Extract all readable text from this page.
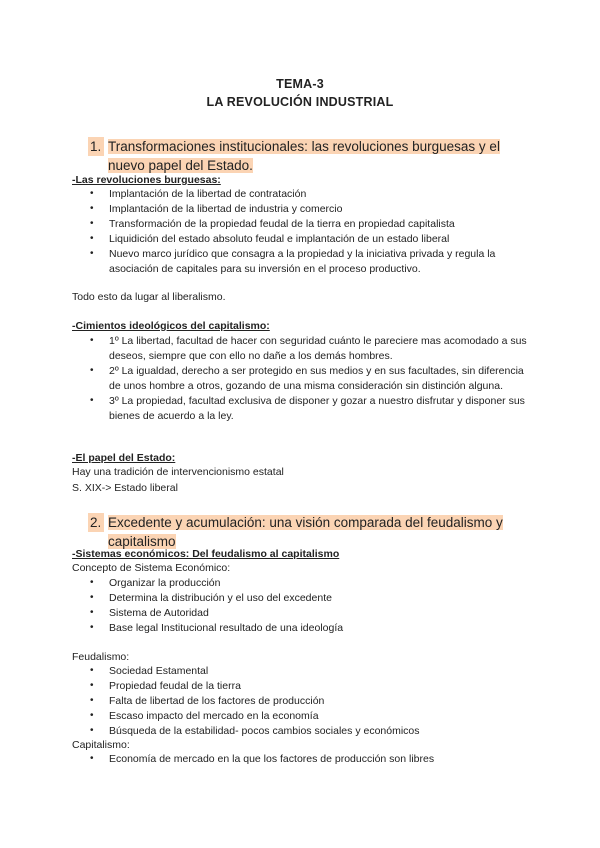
TEMA-3
LA REVOLUCIÓN INDUSTRIAL
1. Transformaciones institucionales: las revoluciones burguesas y el
nuevo papel del Estado.
-Las revoluciones burguesas:
• Implantación de la libertad de contratación
• Implantación de la libertad de industria y comercio
• Transformación de la propiedad feudal de la tierra en propiedad capitalista
• Liquidición del estado absoluto feudal e implantación de un estado liberal
• Nuevo marco jurídico que consagra a la propiedad y la iniciativa privada y regula la asociación de capitales para su inversión en el proceso productivo.
Todo esto da lugar al liberalismo.
-Cimientos ideológicos del capitalismo:
• 1º La libertad, facultad de hacer con seguridad cuánto le pareciere mas acomodado a sus deseos, siempre que con ello no dañe a los demás hombres.
• 2º La igualdad, derecho a ser protegido en sus medios y en sus facultades, sin diferencia de unos hombre a otros, gozando de una misma consideración sin distinción alguna.
• 3º La propiedad, facultad exclusiva de disponer y gozar a nuestro disfrutar y disponer sus bienes de acuerdo a la ley.
-El papel del Estado:
Hay una tradición de intervencionismo estatal
S. XIX-> Estado liberal
2. Excedente y acumulación: una visión comparada del feudalismo y
capitalismo
-Sistemas económicos: Del feudalismo al capitalismo
Concepto de Sistema Económico:
• Organizar la producción
• Determina la distribución y el uso del excedente
• Sistema de Autoridad
• Base legal Institucional resultado de una ideología
Feudalismo:
• Sociedad Estamental
• Propiedad feudal de la tierra
• Falta de libertad de los factores de producción
• Escaso impacto del mercado en la economía
• Búsqueda de la estabilidad- pocos cambios sociales y económicos
Capitalismo:
• Economía de mercado en la que los factores de producción son libres
